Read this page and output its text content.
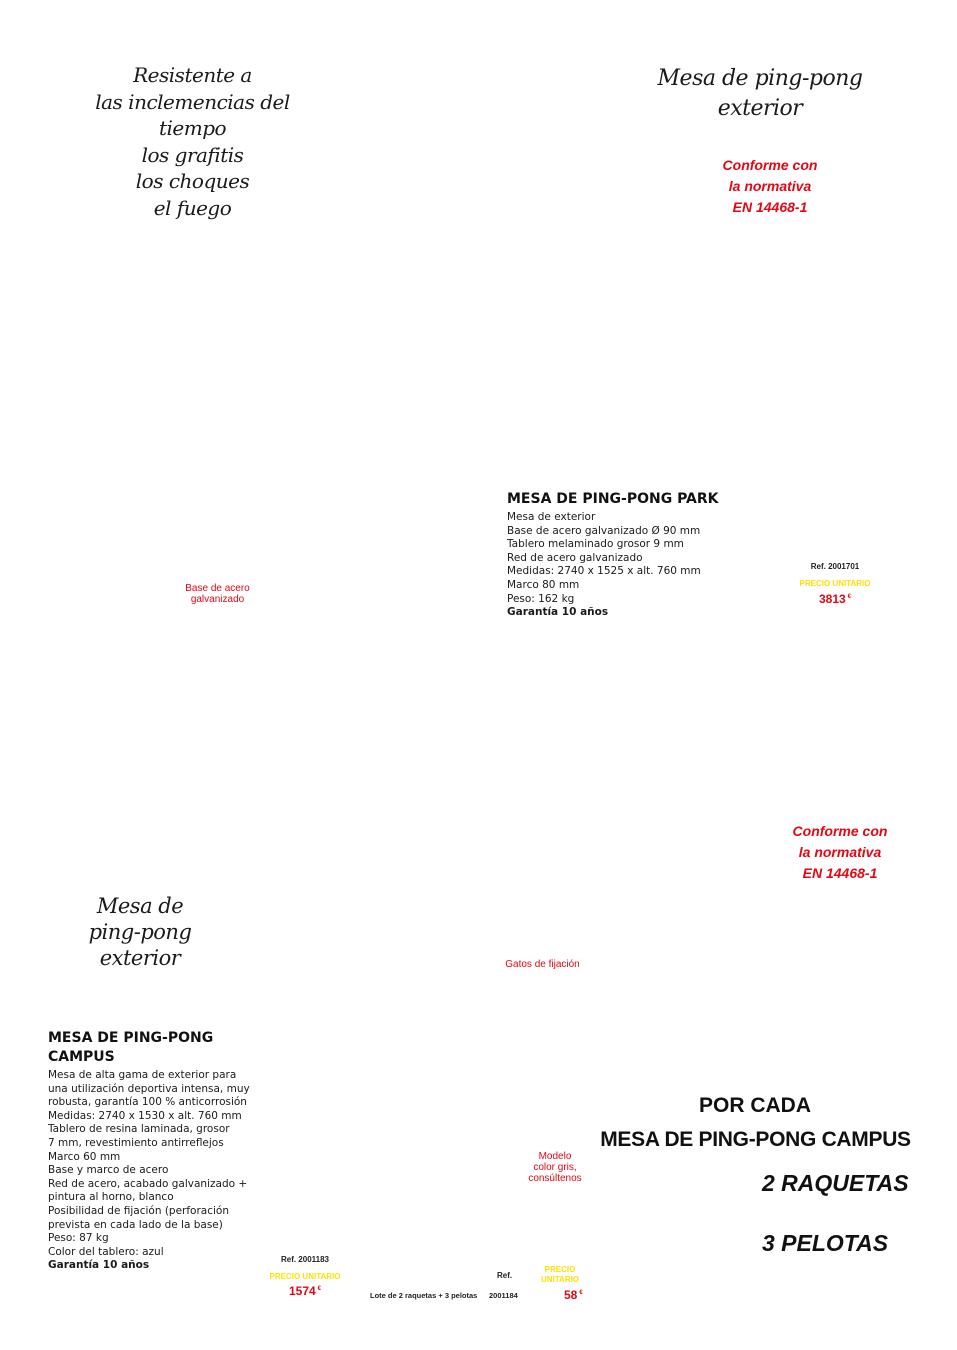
Resistente a
las inclemencias del tiempo
los grafitis
los choques
el fuego
Mesa de ping-pong exterior
Conforme con
la normativa
EN 14468-1
MESA DE PING-PONG PARK
Mesa de exterior
Base de acero galvanizado Ø 90 mm
Tablero melaminado grosor 9 mm
Red de acero galvanizado
Medidas: 2740 x 1525 x alt. 760 mm
Marco 80 mm
Peso: 162 kg
Garantía 10 años
Ref. 2001701
PRECIO UNITARIO
3813 €
Base de acero
galvanizado
Conforme con
la normativa
EN 14468-1
Mesa de
ping-pong
exterior	Gatos de fijación
MESA DE PING-PONG
CAMPUS
Mesa de alta gama de exterior para
una utilización deportiva intensa, muy
robusta, garantía 100 % anticorrosión
Medidas: 2740 x 1530 x alt. 760 mm
Tablero de resina laminada, grosor
7 mm, revestimiento antirreflejos
Marco 60 mm
Base y marco de acero
Red de acero, acabado galvanizado +
pintura al horno, blanco
Posibilidad de fijación (perforación
prevista en cada lado de la base)
Peso: 87 kg
Color del tablero: azul
Garantía 10 años
Modelo
color gris,
consúltenos
POR CADA
MESA DE PING-PONG CAMPUS
2 RAQUETAS
3 PELOTAS
Ref. 2001183
PRECIO UNITARIO
1574 €
Lote de 2 raquetas + 3 pelotas
Ref.
2001184
PRECIO
UNITARIO
58 €
